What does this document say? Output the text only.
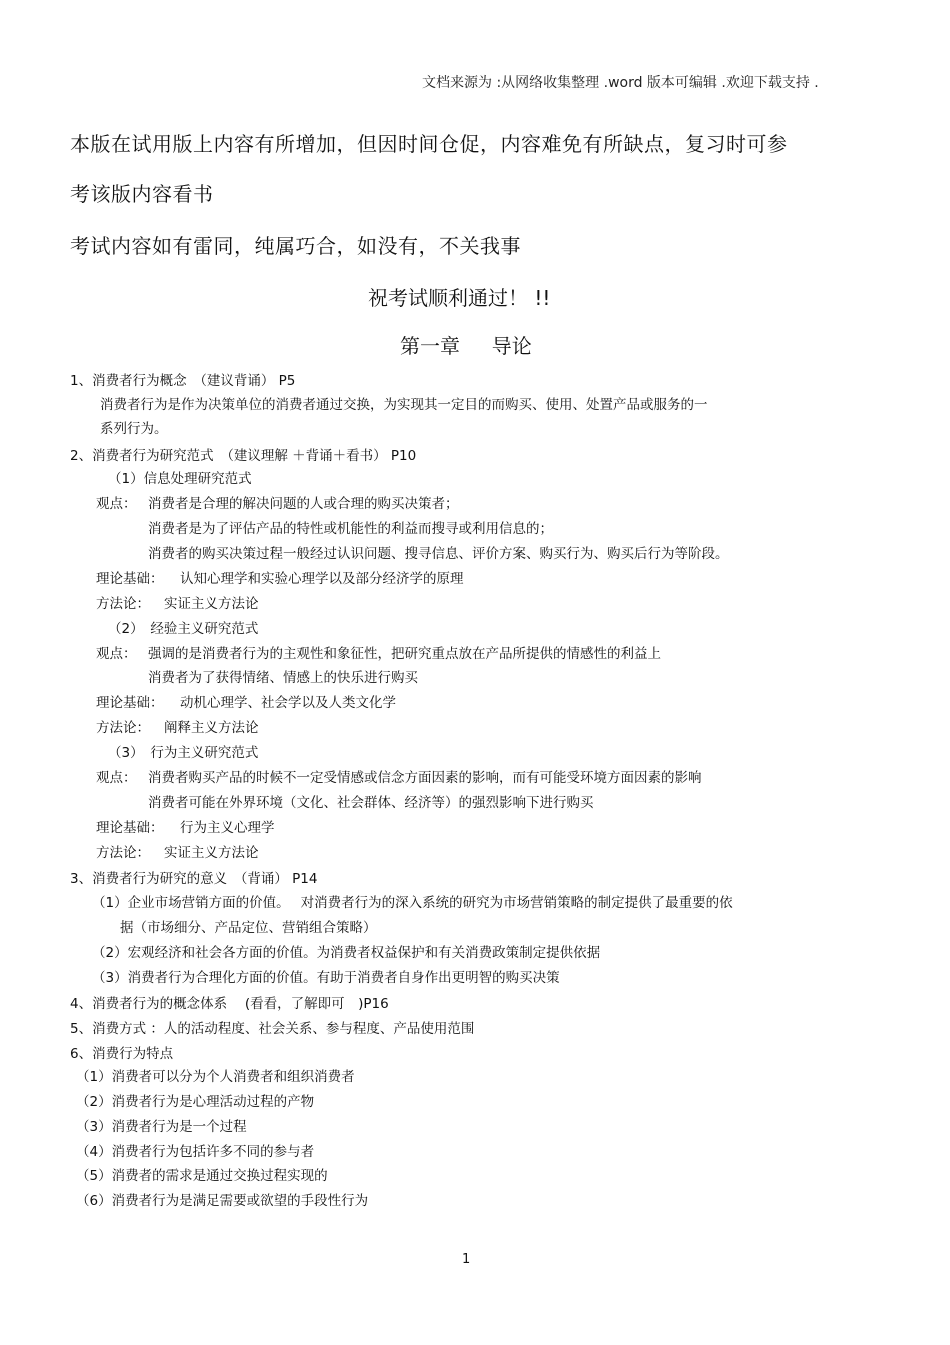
文档来源为 :从网络收集整理 .word 版本可编辑 .欢迎下载支持 .
本版在试用版上内容有所增加，但因时间仓促，内容难免有所缺点，复习时可参
考该版内容看书
考试内容如有雷同，纯属巧合，如没有，不关我事
祝考试顺利通过！ !!
第一章     导论
1、消费者行为概念　（建议背诵） P5
消费者行为是作为决策单位的消费者通过交换，为实现其一定目的而购买、使用、处置产品或服务的一
系列行为。
2、消费者行为研究范式　（建议理解 ＋背诵＋看书） P10
（1）信息处理研究范式
观点： 消费者是合理的解决问题的人或合理的购买决策者；
消费者是为了评估产品的特性或机能性的利益而搜寻或利用信息的；
消费者的购买决策过程一般经过认识问题、搜寻信息、评价方案、购买行为、购买后行为等阶段。
理论基础： 认知心理学和实验心理学以及部分经济学的原理
方法论： 实证主义方法论
（2）　经验主义研究范式
观点： 强调的是消费者行为的主观性和象征性，把研究重点放在产品所提供的情感性的利益上
消费者为了获得情绪、情感上的快乐进行购买
理论基础： 动机心理学、社会学以及人类文化学
方法论： 阐释主义方法论
（3）　行为主义研究范式
观点： 消费者购买产品的时候不一定受情感或信念方面因素的影响，而有可能受环境方面因素的影响
消费者可能在外界环境（文化、社会群体、经济等）的强烈影响下进行购买
理论基础： 行为主义心理学
方法论： 实证主义方法论
3、消费者行为研究的意义　（背诵） P14
（1）企业市场营销方面的价值。　 对消费者行为的深入系统的研究为市场营销策略的制定提供了最重要的依
据（市场细分、产品定位、营销组合策略）
（2）宏观经济和社会各方面的价值。为消费者权益保护和有关消费政策制定提供依据
（3）消费者行为合理化方面的价值。有助于消费者自身作出更明智的购买决策
4、消费者行为的概念体系　 (看看，了解即可　)P16
5、消费方式 ：人的活动程度、社会关系、参与程度、产品使用范围
6、消费行为特点
（1）消费者可以分为个人消费者和组织消费者
（2）消费者行为是心理活动过程的产物
（3）消费者行为是一个过程
（4）消费者行为包括许多不同的参与者
（5）消费者的需求是通过交换过程实现的
（6）消费者行为是满足需要或欲望的手段性行为
1
